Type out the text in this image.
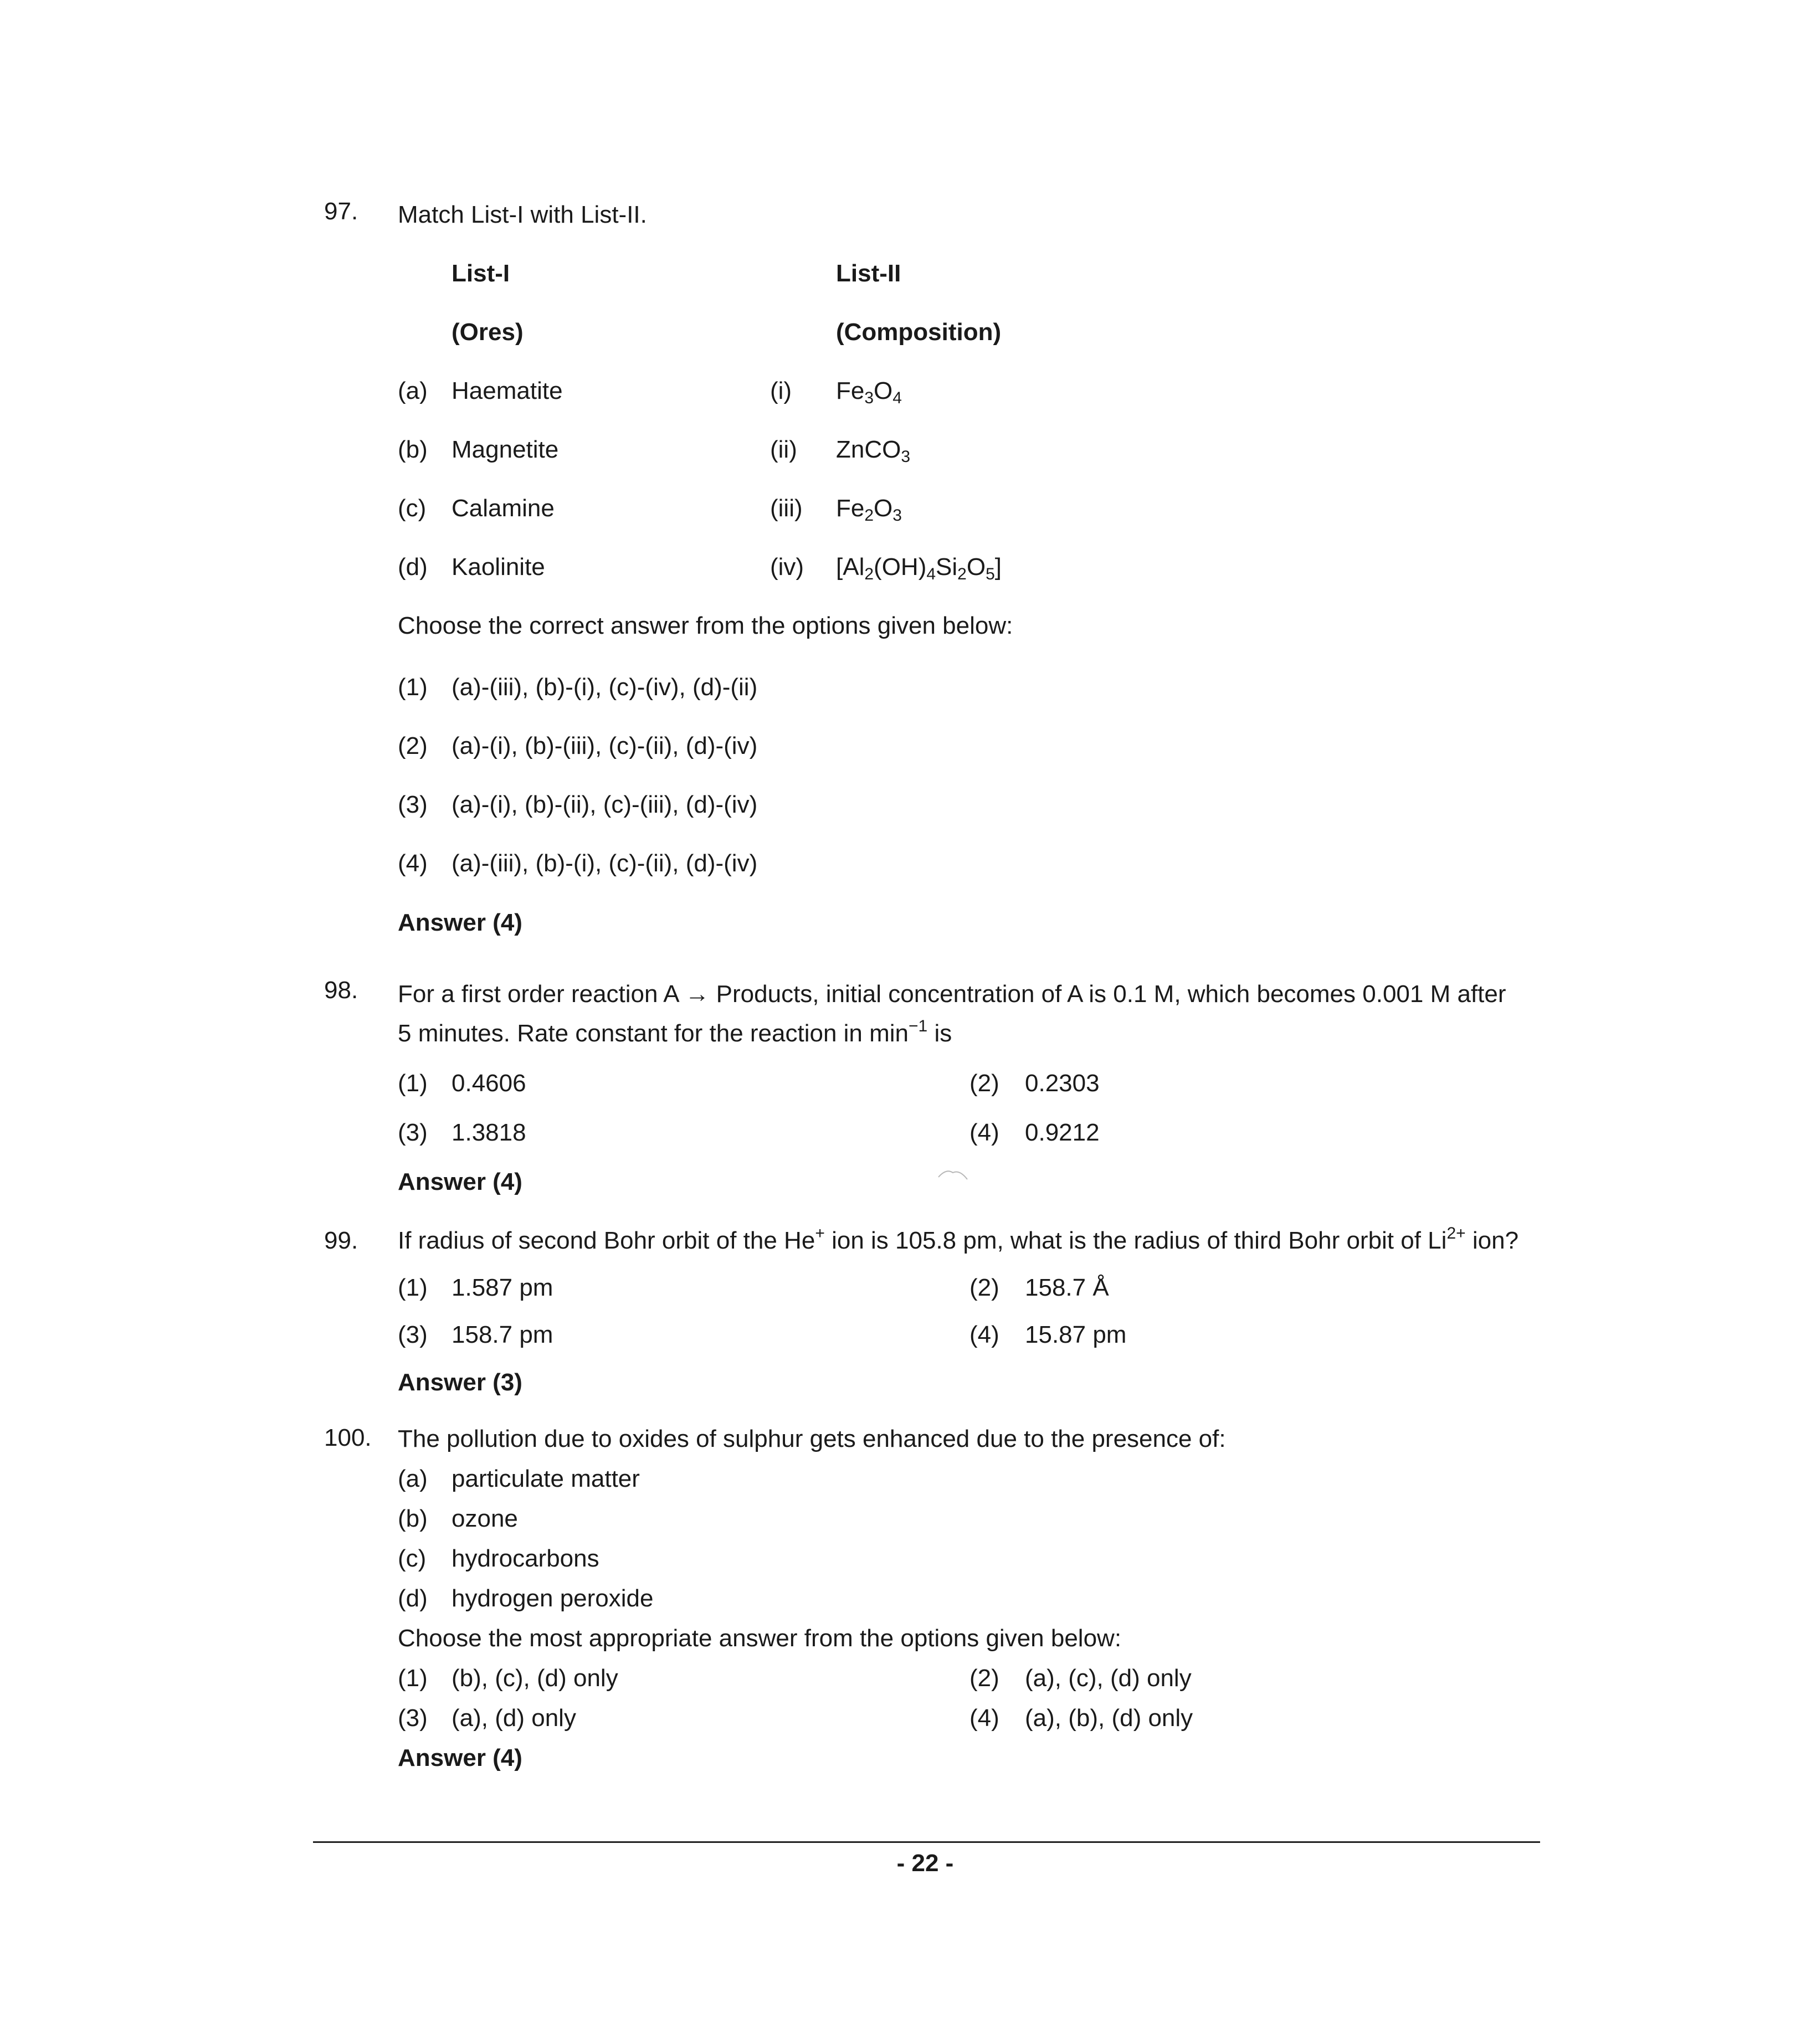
97. Match List-I with List-II.
List-I	List-II
(Ores)	(Composition)
(a) Haematite	(i) $Fe_3O_4$
(b) Magnetite	(ii) ZnCO$_3$
(c) Calamine	(iii) $Fe_2O_3$
(d) Kaolinite	(iv) $[Al_2(OH)_4Si_2O_5]$
Choose the correct answer from the options given below:
(1) (a)-(iii), (b)-(i), (c)-(iv), (d)-(ii)
(2) (a)-(i), (b)-(iii), (c)-(ii), (d)-(iv)
(3) (a)-(i), (b)-(ii), (c)-(iii), (d)-(iv)
(4) (a)-(iii), (b)-(i), (c)-(ii), (d)-(iv)
Answer (4)
98. For a first order reaction A → Products, initial concentration of A is 0.1 M, which becomes 0.001 M after
5 minutes. Rate constant for the reaction in $\min^{-1}$ is
(1) 0.4606	(2) 0.2303
(3) 1.3818	(4) 0.9212
Answer (4)
99. If radius of second Bohr orbit of the He+ ion is 105.8 pm, what is the radius of third Bohr orbit of $Li^{2+}$ ion?
(1) 1.587 pm	(2) 158.7 Å
(3) 158.7 pm	(4) 15.87 pm
Answer (3)
100. The pollution due to oxides of sulphur gets enhanced due to the presence of:
(a) particulate matter
(b) ozone
(c) hydrocarbons
(d) hydrogen peroxide
Choose the most appropriate answer from the options given below:
(1) (b), (c), (d) only	(2) (a), (c), (d) only
(3) (a), (d) only	(4) (a), (b), (d) only
Answer (4)
- 22 -
